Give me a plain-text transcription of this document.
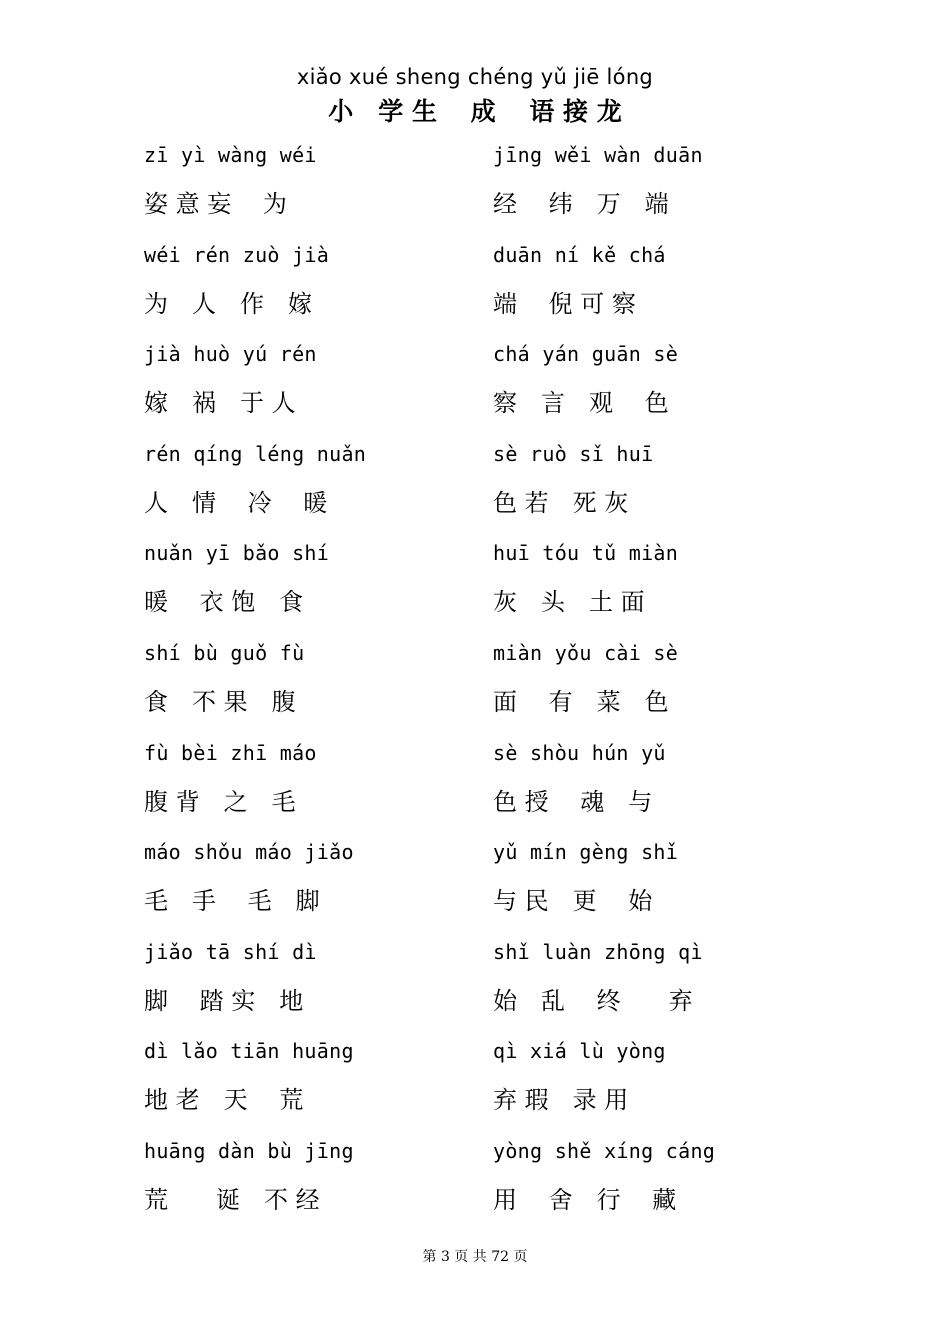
xiǎo xué sheng chéng yǔ jiē lóng
小　学 生　 成　 语 接 龙
zī yì wàng wéi
姿 意 妄　 为
wéi rén zuò jià
为　人　作　嫁
jià huò yú rén
嫁　祸　于 人
rén qíng léng nuǎn
人　情　 冷　 暖
nuǎn yī bǎo shí
暖　 衣 饱　食
shí bù guǒ fù
食　不 果　腹
fù bèi zhī máo
腹 背　之　毛
máo shǒu máo jiǎo
毛　手　 毛　脚
jiǎo tā shí dì
脚　 踏 实　地
dì lǎo tiān huāng
地 老　天　 荒
huāng dàn bù jīng
荒　　诞　不 经
jīng wěi wàn duān
经　 纬　万　端
duān ní kě chá
端　 倪 可 察
chá yán guān sè
察　言　观　 色
sè ruò sǐ huī
色 若　死 灰
huī tóu tǔ miàn
灰　头　土 面
miàn yǒu cài sè
面　 有　菜　色
sè shòu hún yǔ
色 授　 魂　与
yǔ mín gèng shǐ
与 民　更　 始
shǐ luàn zhōng qì
始　乱　 终　　弃
qì xiá lù yòng
弃 瑕　录 用
yòng shě xíng cáng
用　 舍　行　 藏
第 3 页 共 72 页
